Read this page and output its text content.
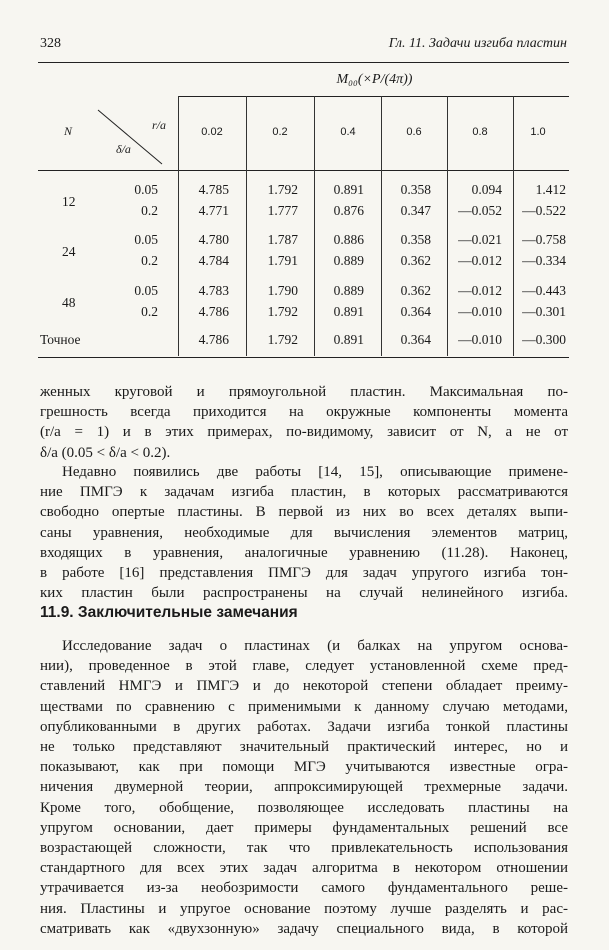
328	Гл. 11. Задачи изгиба пластин
M₀₀(×P/(4π))
N	r/a
δ/a
0.02	0.2	0.4	0.6	0.8	1.0
12
0.05	4.785	1.792	0.891	0.358	0.094	1.412
0.2	4.771	1.777	0.876	0.347	—0.052	—0.522
24
0.05	4.780	1.787	0.886	0.358	—0.021	—0.758
0.2	4.784	1.791	0.889	0.362	—0.012	—0.334
48
0.05	4.783	1.790	0.889	0.362	—0.012	—0.443
0.2	4.786	1.792	0.891	0.364	—0.010	—0.301
Точное	4.786	1.792	0.891	0.364	—0.010	—0.300
женных круговой и прямоугольной пластин. Максимальная по-
грешность всегда приходится на окружные компоненты момента
(r/a = 1) и в этих примерах, по-видимому, зависит от N, а не от
δ/a (0.05 < δ/a < 0.2).
Недавно появились две работы [14, 15], описывающие примене-
ние ПМГЭ к задачам изгиба пластин, в которых рассматриваются
свободно опертые пластины. В первой из них во всех деталях выпи-
саны уравнения, необходимые для вычисления элементов матриц,
входящих в уравнения, аналогичные уравнению (11.28). Наконец,
в работе [16] представления ПМГЭ для задач упругого изгиба тон-
ких пластин были распространены на случай нелинейного изгиба.
11.9. Заключительные замечания
Исследование задач о пластинах (и балках на упругом основа-
нии), проведенное в этой главе, следует установленной схеме пред-
ставлений НМГЭ и ПМГЭ и до некоторой степени обладает преиму-
ществами по сравнению с применимыми к данному случаю методами,
опубликованными в других работах. Задачи изгиба тонкой пластины
не только представляют значительный практический интерес, но и
показывают, как при помощи МГЭ учитываются известные огра-
ничения двумерной теории, аппроксимирующей трехмерные задачи.
Кроме того, обобщение, позволяющее исследовать пластины на
упругом основании, дает примеры фундаментальных решений все
возрастающей сложности, так что привлекательность использования
стандартного для всех этих задач алгоритма в некотором отношении
утрачивается из-за необозримости самого фундаментального реше-
ния. Пластины и упругое основание поэтому лучше разделять и рас-
сматривать как «двухзонную» задачу специального вида, в которой
